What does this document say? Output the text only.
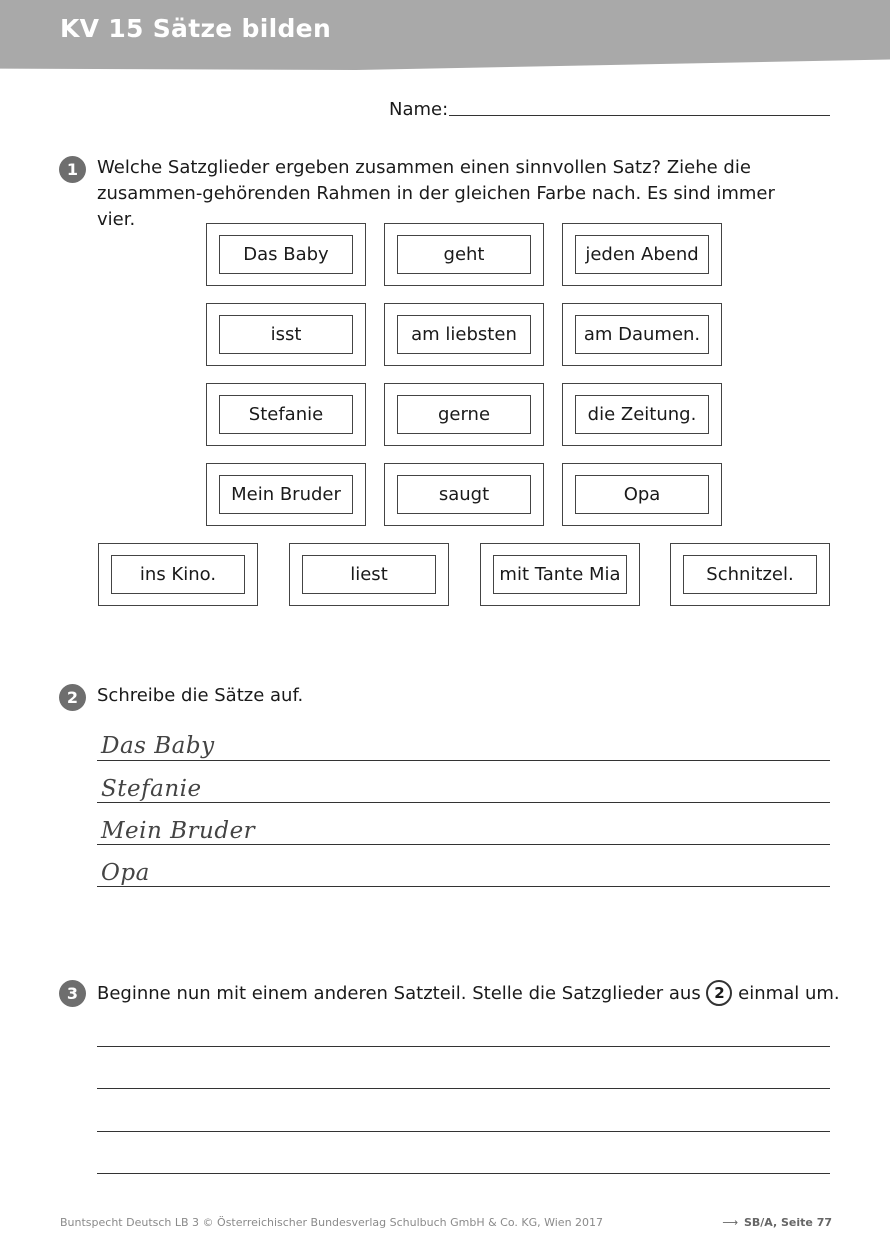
KV 15 Sätze bilden
Name:
1	Welche Satzglieder ergeben zusammen einen sinnvollen Satz? Ziehe die zusammen-gehörenden Rahmen in der gleichen Farbe nach. Es sind immer vier.
Das Baby	geht	jeden Abend
isst	am liebsten	am Daumen.
Stefanie	gerne	die Zeitung.
Mein Bruder	saugt	Opa
ins Kino.	liest	mit Tante Mia	Schnitzel.
2	Schreibe die Sätze auf.
Das Baby
Stefanie
Mein Bruder
Opa
3	Beginne nun mit einem anderen Satzteil. Stelle die Satzglieder aus 2 einmal um.
Buntspecht Deutsch LB 3 © Österreichischer Bundesverlag Schulbuch GmbH & Co. KG, Wien 2017	⟶ SB/A, Seite 77
